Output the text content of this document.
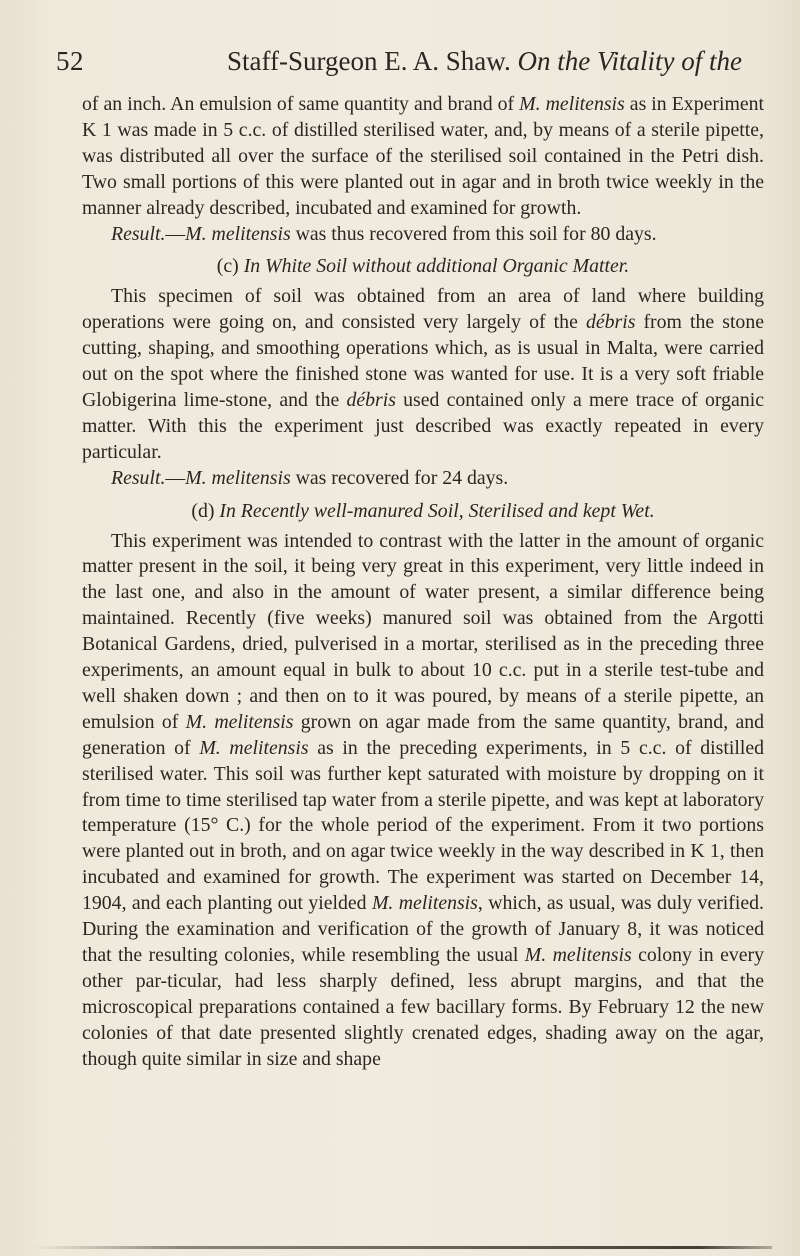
52	Staff-Surgeon E. A. Shaw. On the Vitality of the

of an inch. An emulsion of same quantity and brand of M. melitensis as in Experiment K 1 was made in 5 c.c. of distilled sterilised water, and, by means of a sterile pipette, was distributed all over the surface of the sterilised soil contained in the Petri dish. Two small portions of this were planted out in agar and in broth twice weekly in the manner already described, incubated and examined for growth.

Result.—M. melitensis was thus recovered from this soil for 80 days.

(c) In White Soil without additional Organic Matter.

This specimen of soil was obtained from an area of land where building operations were going on, and consisted very largely of the débris from the stone cutting, shaping, and smoothing operations which, as is usual in Malta, were carried out on the spot where the finished stone was wanted for use. It is a very soft friable Globigerina lime-stone, and the débris used contained only a mere trace of organic matter. With this the experiment just described was exactly repeated in every particular.

Result.—M. melitensis was recovered for 24 days.

(d) In Recently well-manured Soil, Sterilised and kept Wet.

This experiment was intended to contrast with the latter in the amount of organic matter present in the soil, it being very great in this experiment, very little indeed in the last one, and also in the amount of water present, a similar difference being maintained. Recently (five weeks) manured soil was obtained from the Argotti Botanical Gardens, dried, pulverised in a mortar, sterilised as in the preceding three experiments, an amount equal in bulk to about 10 c.c. put in a sterile test-tube and well shaken down ; and then on to it was poured, by means of a sterile pipette, an emulsion of M. melitensis grown on agar made from the same quantity, brand, and generation of M. melitensis as in the preceding experiments, in 5 c.c. of distilled sterilised water. This soil was further kept saturated with moisture by dropping on it from time to time sterilised tap water from a sterile pipette, and was kept at laboratory temperature (15° C.) for the whole period of the experiment. From it two portions were planted out in broth, and on agar twice weekly in the way described in K 1, then incubated and examined for growth. The experiment was started on December 14, 1904, and each planting out yielded M. melitensis, which, as usual, was duly verified. During the examination and verification of the growth of January 8, it was noticed that the resulting colonies, while resembling the usual M. melitensis colony in every other par-ticular, had less sharply defined, less abrupt margins, and that the microscopical preparations contained a few bacillary forms. By February 12 the new colonies of that date presented slightly crenated edges, shading away on the agar, though quite similar in size and shape
